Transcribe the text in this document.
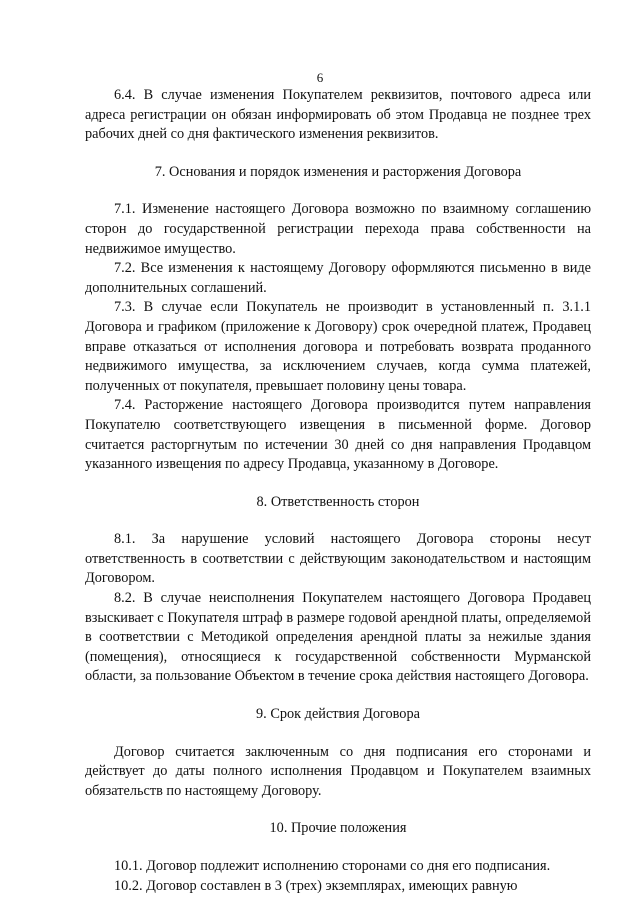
6

6.4. В случае изменения Покупателем реквизитов, почтового адреса или адреса регистрации он обязан информировать об этом Продавца не позднее трех рабочих дней со дня фактического изменения реквизитов.

7. Основания и порядок изменения и расторжения Договора

7.1. Изменение настоящего Договора возможно по взаимному соглашению сторон до государственной регистрации перехода права собственности на недвижимое имущество.

7.2. Все изменения к настоящему Договору оформляются письменно в виде дополнительных соглашений.

7.3. В случае если Покупатель не производит в установленный п. 3.1.1 Договора и графиком (приложение к Договору) срок очередной платеж, Продавец вправе отказаться от исполнения договора и потребовать возврата проданного недвижимого имущества, за исключением случаев, когда сумма платежей, полученных от покупателя, превышает половину цены товара.

7.4. Расторжение настоящего Договора производится путем направления Покупателю соответствующего извещения в письменной форме. Договор считается расторгнутым по истечении 30 дней со дня направления Продавцом указанного извещения по адресу Продавца, указанному в Договоре.

8. Ответственность сторон

8.1. За нарушение условий настоящего Договора стороны несут ответственность в соответствии с действующим законодательством и настоящим Договором.

8.2. В случае неисполнения Покупателем настоящего Договора Продавец взыскивает с Покупателя штраф в размере годовой арендной платы, определяемой в соответствии с Методикой определения арендной платы за нежилые здания (помещения), относящиеся к государственной собственности Мурманской области, за пользование Объектом в течение срока действия настоящего Договора.

9. Срок действия Договора

Договор считается заключенным со дня подписания его сторонами и действует до даты полного исполнения Продавцом и Покупателем взаимных обязательств по настоящему Договору.

10. Прочие положения

10.1. Договор подлежит исполнению сторонами со дня его подписания.

10.2. Договор составлен в 3 (трех) экземплярах, имеющих равную
